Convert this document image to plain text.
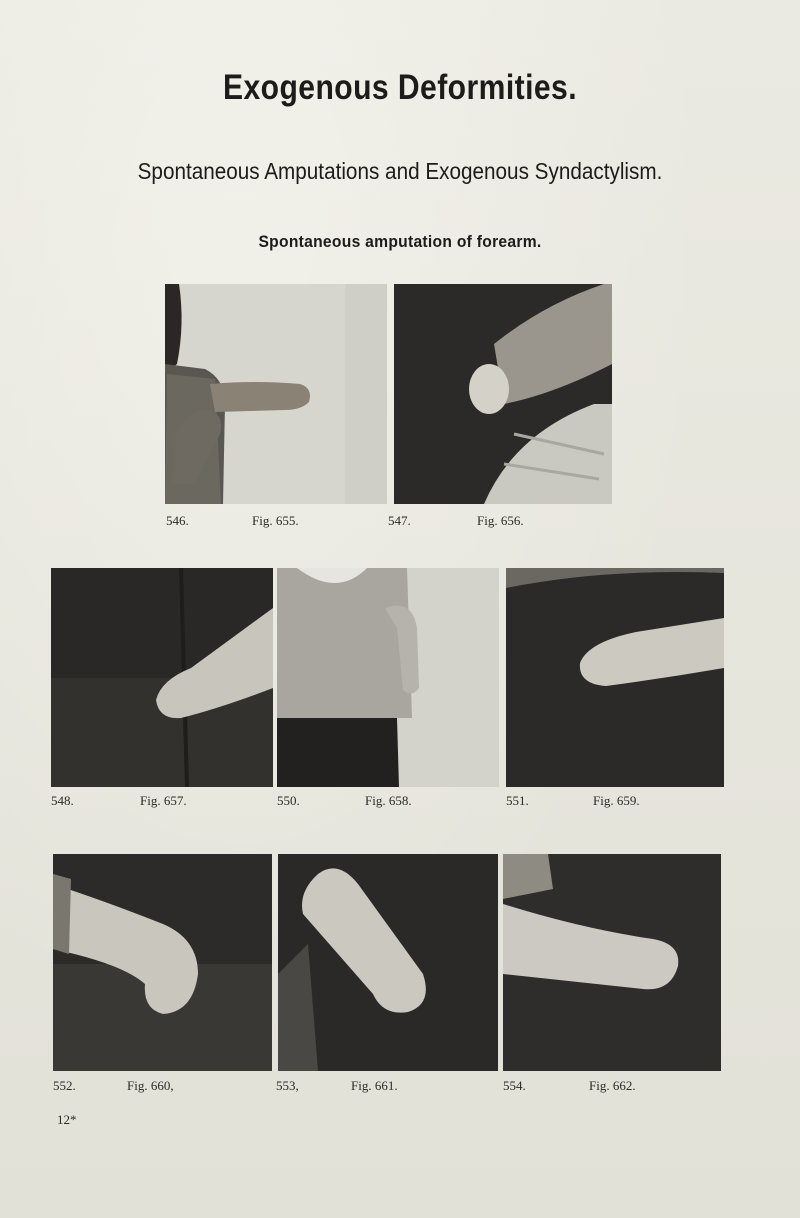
Exogenous Deformities.
Spontaneous Amputations and Exogenous Syndactylism.
Spontaneous amputation of forearm.
546.	Fig. 655.	547.	Fig. 656.
548.	Fig. 657.	550.	Fig. 658.	551.	Fig. 659.
552.	Fig. 660,	553,	Fig. 661.	554.	Fig. 662.
12*
